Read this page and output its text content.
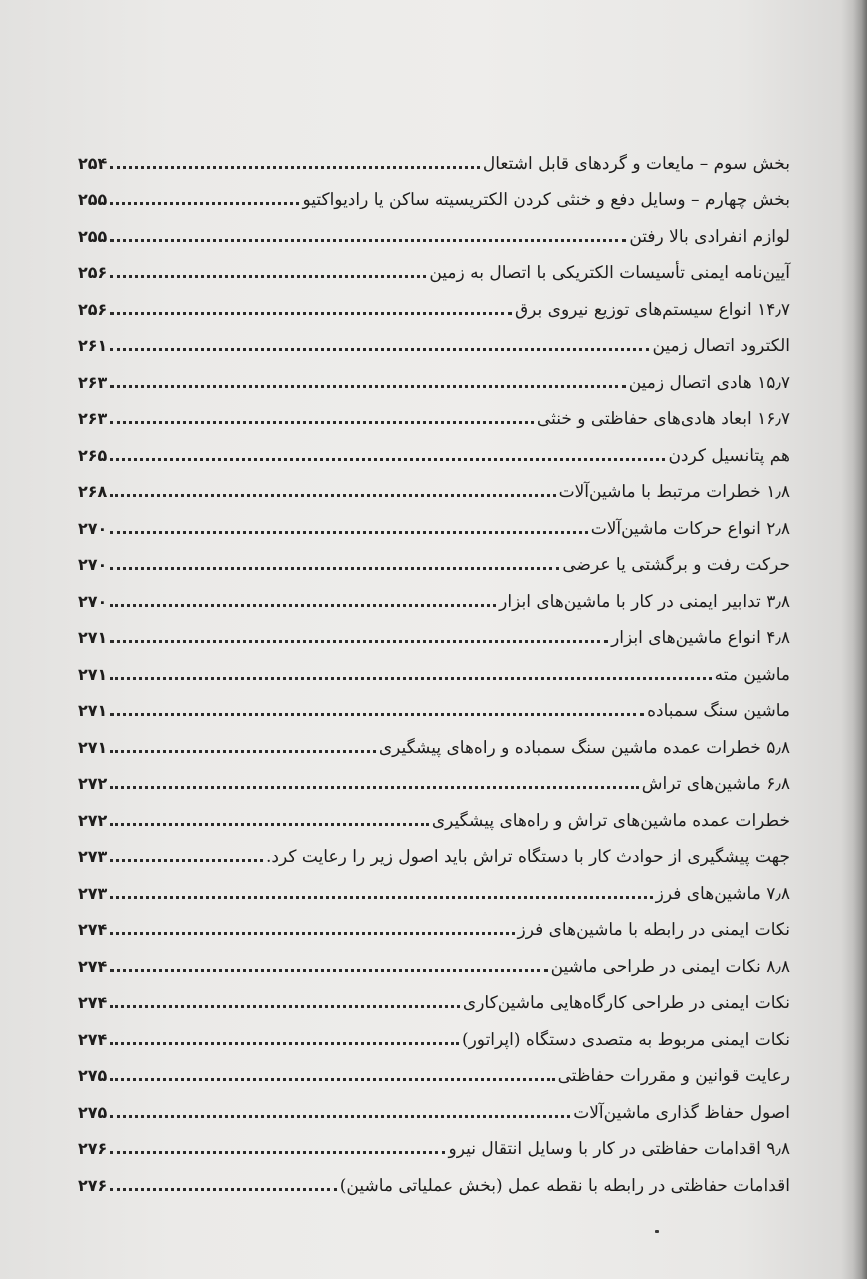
بخش سوم – مایعات و گردهای قابل اشتعال
۲۵۴
بخش چهارم – وسایل دفع و خنثی کردن الکتریسیته ساکن یا رادیواکتیو
۲۵۵
لوازم انفرادی بالا رفتن
۲۵۵
آیین‌نامه ایمنی تأسیسات الکتریکی با اتصال به زمین
۲۵۶
۱۴٫۷ انواع سیستم‌های توزیع نیروی برق
۲۵۶
الکترود اتصال زمین
۲۶۱
۱۵٫۷ هادی اتصال زمین
۲۶۳
۱۶٫۷ ابعاد هادی‌های حفاظتی و خنثی
۲۶۳
هم پتانسیل کردن
۲۶۵
۱٫۸ خطرات مرتبط با ماشین‌آلات
۲۶۸
۲٫۸ انواع حرکات ماشین‌آلات
۲۷۰
حرکت رفت و برگشتی یا عرضی
۲۷۰
۳٫۸ تدابیر ایمنی در کار با ماشین‌های ابزار
۲۷۰
۴٫۸ انواع ماشین‌های ابزار
۲۷۱
ماشین مته
۲۷۱
ماشین سنگ سمباده
۲۷۱
۵٫۸ خطرات عمده ماشین سنگ سمباده و راه‌های پیشگیری
۲۷۱
۶٫۸ ماشین‌های تراش
۲۷۲
خطرات عمده ماشین‌های تراش و راه‌های پیشگیری
۲۷۲
جهت پیشگیری از حوادث کار با دستگاه تراش باید اصول زیر را رعایت کرد.
۲۷۳
۷٫۸ ماشین‌های فرز
۲۷۳
نکات ایمنی در رابطه با ماشین‌های فرز
۲۷۴
۸٫۸ نکات ایمنی در طراحی ماشین
۲۷۴
نکات ایمنی در طراحی کارگاه‌هایی ماشین‌کاری
۲۷۴
نکات ایمنی مربوط به متصدی دستگاه (اپراتور)
۲۷۴
رعایت قوانین و مقررات حفاظتی
۲۷۵
اصول حفاظ گذاری ماشین‌آلات
۲۷۵
۹٫۸ اقدامات حفاظتی در کار با وسایل انتقال نیرو
۲۷۶
اقدامات حفاظتی در رابطه با نقطه عمل (بخش عملیاتی ماشین)
۲۷۶
